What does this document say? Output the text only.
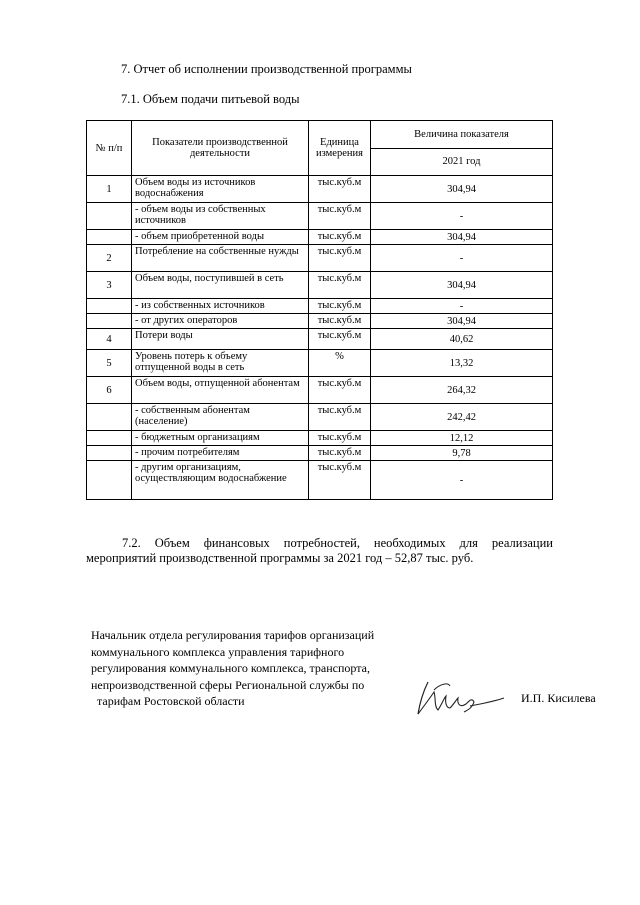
7. Отчет об исполнении производственной программы
7.1. Объем подачи питьевой воды
№ п/п	Показатели производственной деятельности	Единица измерения	Величина показателя
			2021 год
1	Объем воды из источников водоснабжения	тыс.куб.м	304,94
	- объем воды из собственных источников	тыс.куб.м	-
	- объем приобретенной воды	тыс.куб.м	304,94
2	Потребление на собственные нужды	тыс.куб.м	-
3	Объем воды, поступившей в сеть	тыс.куб.м	304,94
	- из собственных источников	тыс.куб.м	-
	- от других операторов	тыс.куб.м	304,94
4	Потери воды	тыс.куб.м	40,62
5	Уровень потерь к объему отпущенной воды в сеть	%	13,32
6	Объем воды, отпущенной абонентам	тыс.куб.м	264,32
	- собственным абонентам (население)	тыс.куб.м	242,42
	- бюджетным организациям	тыс.куб.м	12,12
	- прочим потребителям	тыс.куб.м	9,78
	- другим организациям, осуществляющим водоснабжение	тыс.куб.м	-
7.2. Объем финансовых потребностей, необходимых для реализации мероприятий производственной программы за 2021 год – 52,87 тыс. руб.
Начальник отдела регулирования тарифов организаций
коммунального комплекса управления тарифного
регулирования коммунального комплекса, транспорта,
непроизводственной сферы Региональной службы по
тарифам Ростовской области	И.П. Кисилева
